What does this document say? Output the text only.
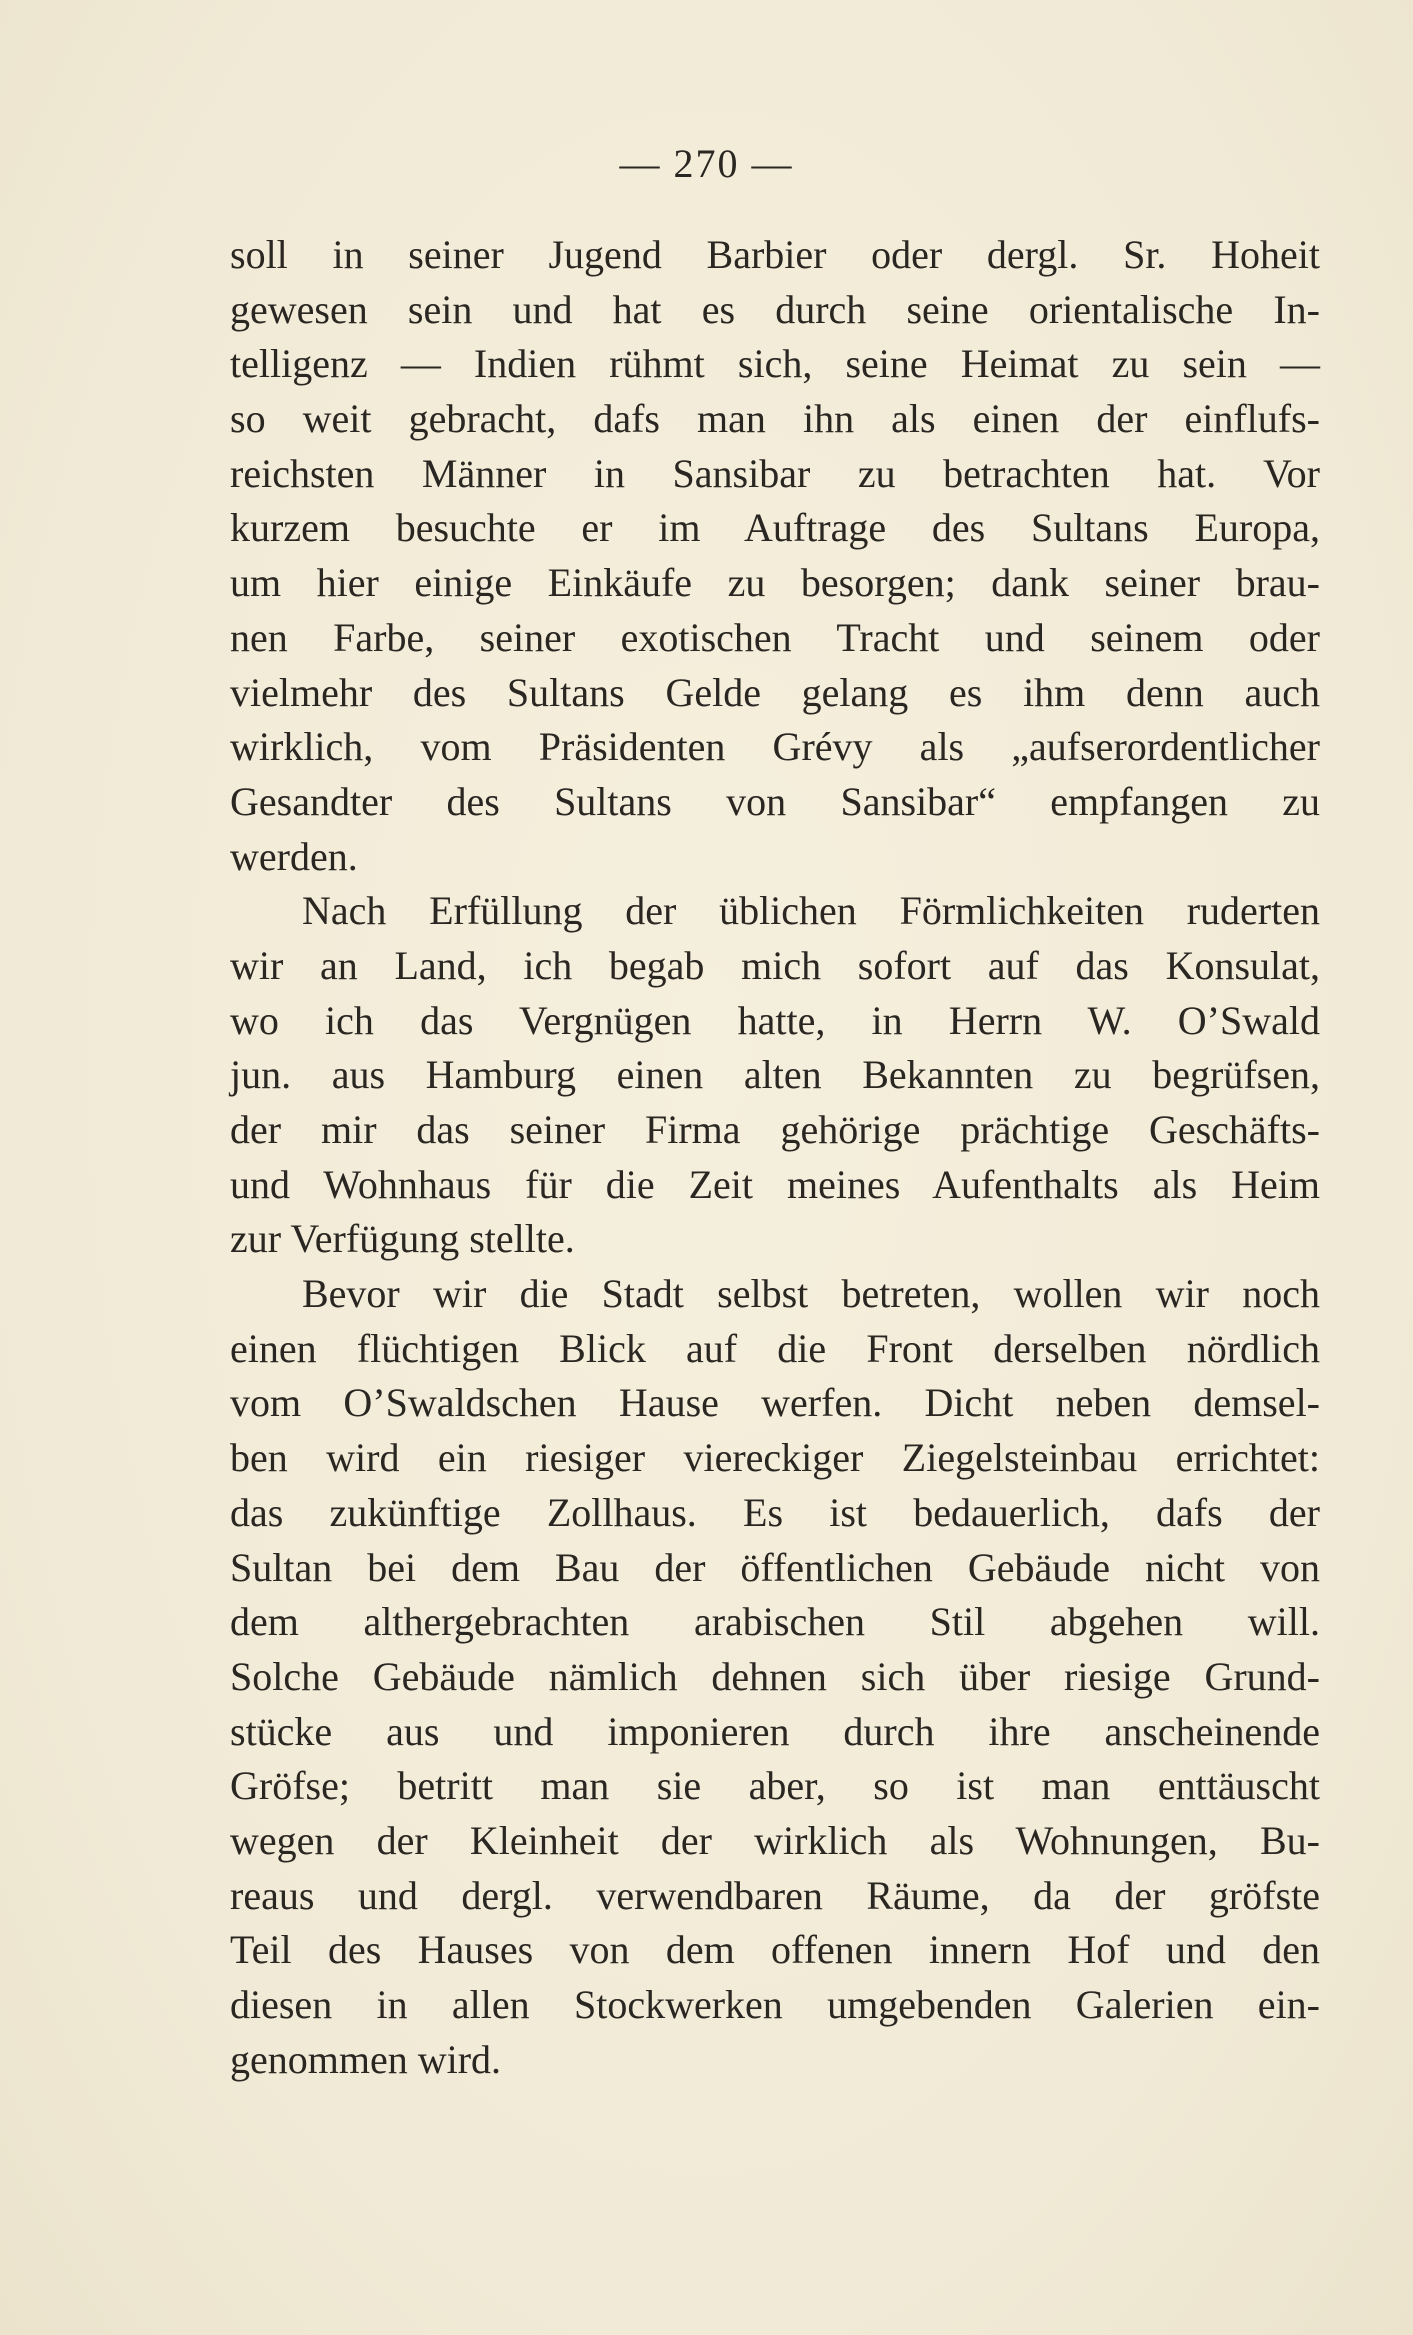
— 270 —
soll in seiner Jugend Barbier oder dergl. Sr. Hoheit
gewesen sein und hat es durch seine orientalische In-
telligenz — Indien rühmt sich, seine Heimat zu sein —
so weit gebracht, dafs man ihn als einen der einflufs-
reichsten Männer in Sansibar zu betrachten hat. Vor
kurzem besuchte er im Auftrage des Sultans Europa,
um hier einige Einkäufe zu besorgen; dank seiner brau-
nen Farbe, seiner exotischen Tracht und seinem oder
vielmehr des Sultans Gelde gelang es ihm denn auch
wirklich, vom Präsidenten Grévy als „aufserordentlicher
Gesandter des Sultans von Sansibar“ empfangen zu
werden.
Nach Erfüllung der üblichen Förmlichkeiten ruderten
wir an Land, ich begab mich sofort auf das Konsulat,
wo ich das Vergnügen hatte, in Herrn W. O’Swald
jun. aus Hamburg einen alten Bekannten zu begrüfsen,
der mir das seiner Firma gehörige prächtige Geschäfts-
und Wohnhaus für die Zeit meines Aufenthalts als Heim
zur Verfügung stellte.
Bevor wir die Stadt selbst betreten, wollen wir noch
einen flüchtigen Blick auf die Front derselben nördlich
vom O’Swaldschen Hause werfen. Dicht neben demsel-
ben wird ein riesiger viereckiger Ziegelsteinbau errichtet:
das zukünftige Zollhaus. Es ist bedauerlich, dafs der
Sultan bei dem Bau der öffentlichen Gebäude nicht von
dem althergebrachten arabischen Stil abgehen will.
Solche Gebäude nämlich dehnen sich über riesige Grund-
stücke aus und imponieren durch ihre anscheinende
Gröfse; betritt man sie aber, so ist man enttäuscht
wegen der Kleinheit der wirklich als Wohnungen, Bu-
reaus und dergl. verwendbaren Räume, da der gröfste
Teil des Hauses von dem offenen innern Hof und den
diesen in allen Stockwerken umgebenden Galerien ein-
genommen wird.
